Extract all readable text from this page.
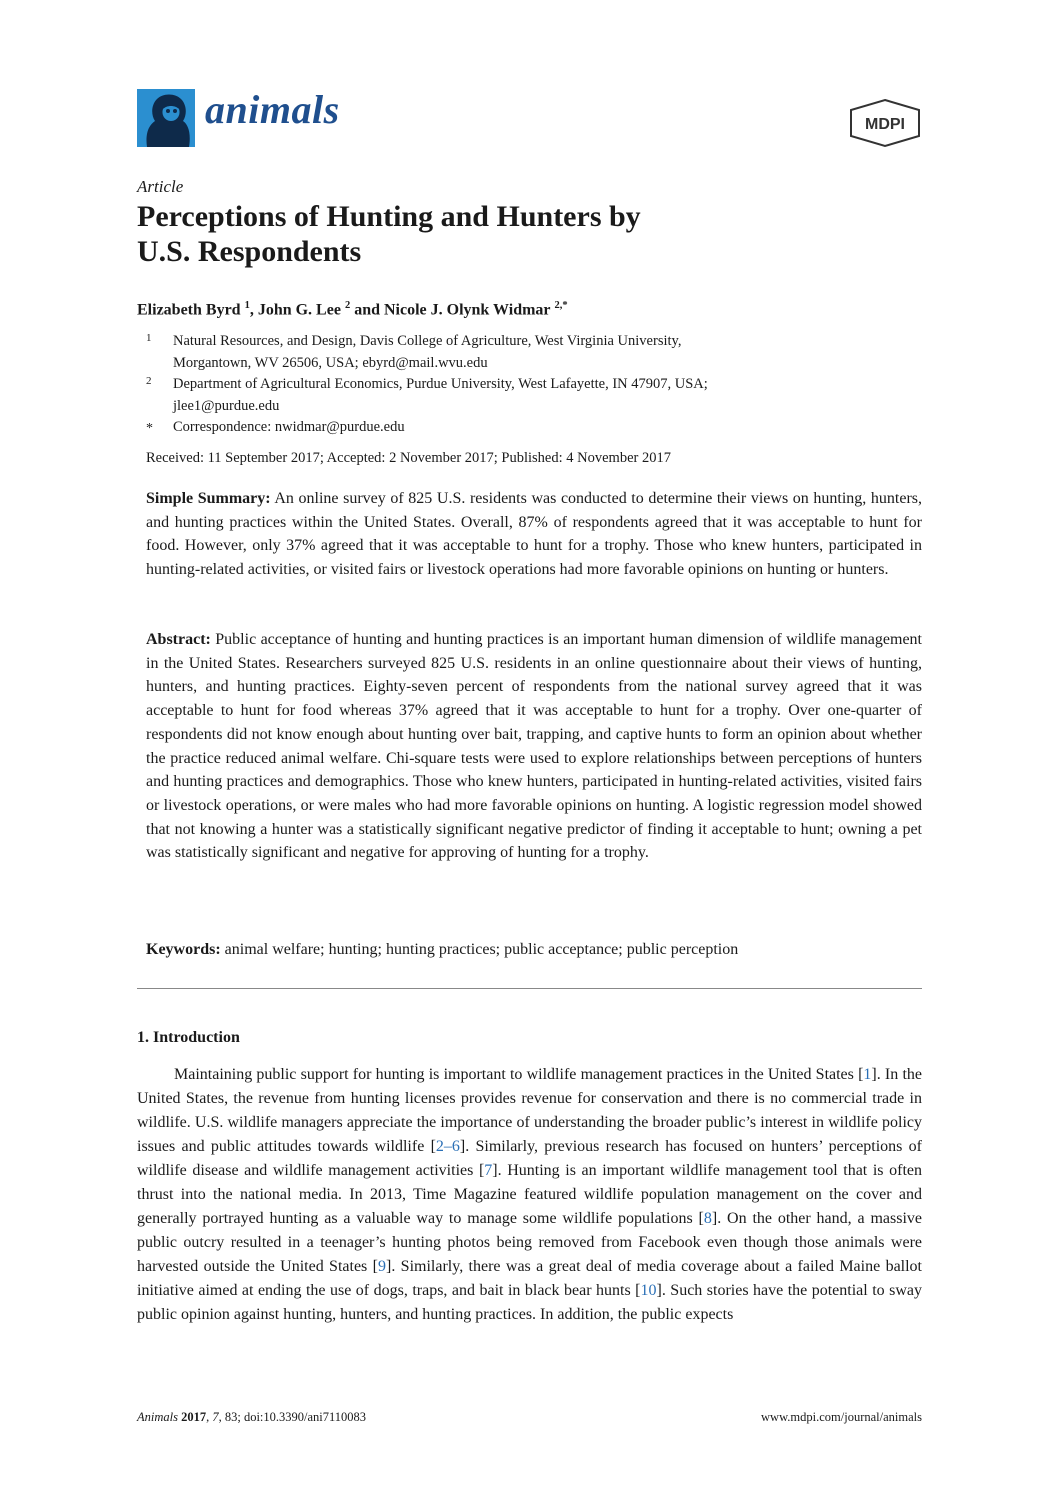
animals	MDPI
Article
Perceptions of Hunting and Hunters by
U.S. Respondents
Elizabeth Byrd $^1$, John G. Lee $^2$ and Nicole J. Olynk Widmar $^{2,*}$
1	Natural Resources, and Design, Davis College of Agriculture, West Virginia University,
Morgantown, WV 26506, USA; ebyrd@mail.wvu.edu
2	Department of Agricultural Economics, Purdue University, West Lafayette, IN 47907, USA;
jlee1@purdue.edu
*	Correspondence: nwidmar@purdue.edu
Received: 11 September 2017; Accepted: 2 November 2017; Published: 4 November 2017

Simple Summary: An online survey of 825 U.S. residents was conducted to determine their views on hunting, hunters, and hunting practices within the United States. Overall, 87% of respondents agreed that it was acceptable to hunt for food. However, only 37% agreed that it was acceptable to hunt for a trophy. Those who knew hunters, participated in hunting-related activities, or visited fairs or livestock operations had more favorable opinions on hunting or hunters.

Abstract: Public acceptance of hunting and hunting practices is an important human dimension of wildlife management in the United States. Researchers surveyed 825 U.S. residents in an online questionnaire about their views of hunting, hunters, and hunting practices. Eighty-seven percent of respondents from the national survey agreed that it was acceptable to hunt for food whereas 37% agreed that it was acceptable to hunt for a trophy. Over one-quarter of respondents did not know enough about hunting over bait, trapping, and captive hunts to form an opinion about whether the practice reduced animal welfare. Chi-square tests were used to explore relationships between perceptions of hunters and hunting practices and demographics. Those who knew hunters, participated in hunting-related activities, visited fairs or livestock operations, or were males who had more favorable opinions on hunting. A logistic regression model showed that not knowing a hunter was a statistically significant negative predictor of finding it acceptable to hunt; owning a pet was statistically significant and negative for approving of hunting for a trophy.

Keywords: animal welfare; hunting; hunting practices; public acceptance; public perception

1. Introduction

Maintaining public support for hunting is important to wildlife management practices in the United States [1]. In the United States, the revenue from hunting licenses provides revenue for conservation and there is no commercial trade in wildlife. U.S. wildlife managers appreciate the importance of understanding the broader public’s interest in wildlife policy issues and public attitudes towards wildlife [2–6]. Similarly, previous research has focused on hunters’ perceptions of wildlife disease and wildlife management activities [7]. Hunting is an important wildlife management tool that is often thrust into the national media. In 2013, Time Magazine featured wildlife population management on the cover and generally portrayed hunting as a valuable way to manage some wildlife populations [8]. On the other hand, a massive public outcry resulted in a teenager’s hunting photos being removed from Facebook even though those animals were harvested outside the United States [9]. Similarly, there was a great deal of media coverage about a failed Maine ballot initiative aimed at ending the use of dogs, traps, and bait in black bear hunts [10]. Such stories have the potential to sway public opinion against hunting, hunters, and hunting practices. In addition, the public expects

Animals 2017, 7, 83; doi:10.3390/ani7110083	www.mdpi.com/journal/animals
